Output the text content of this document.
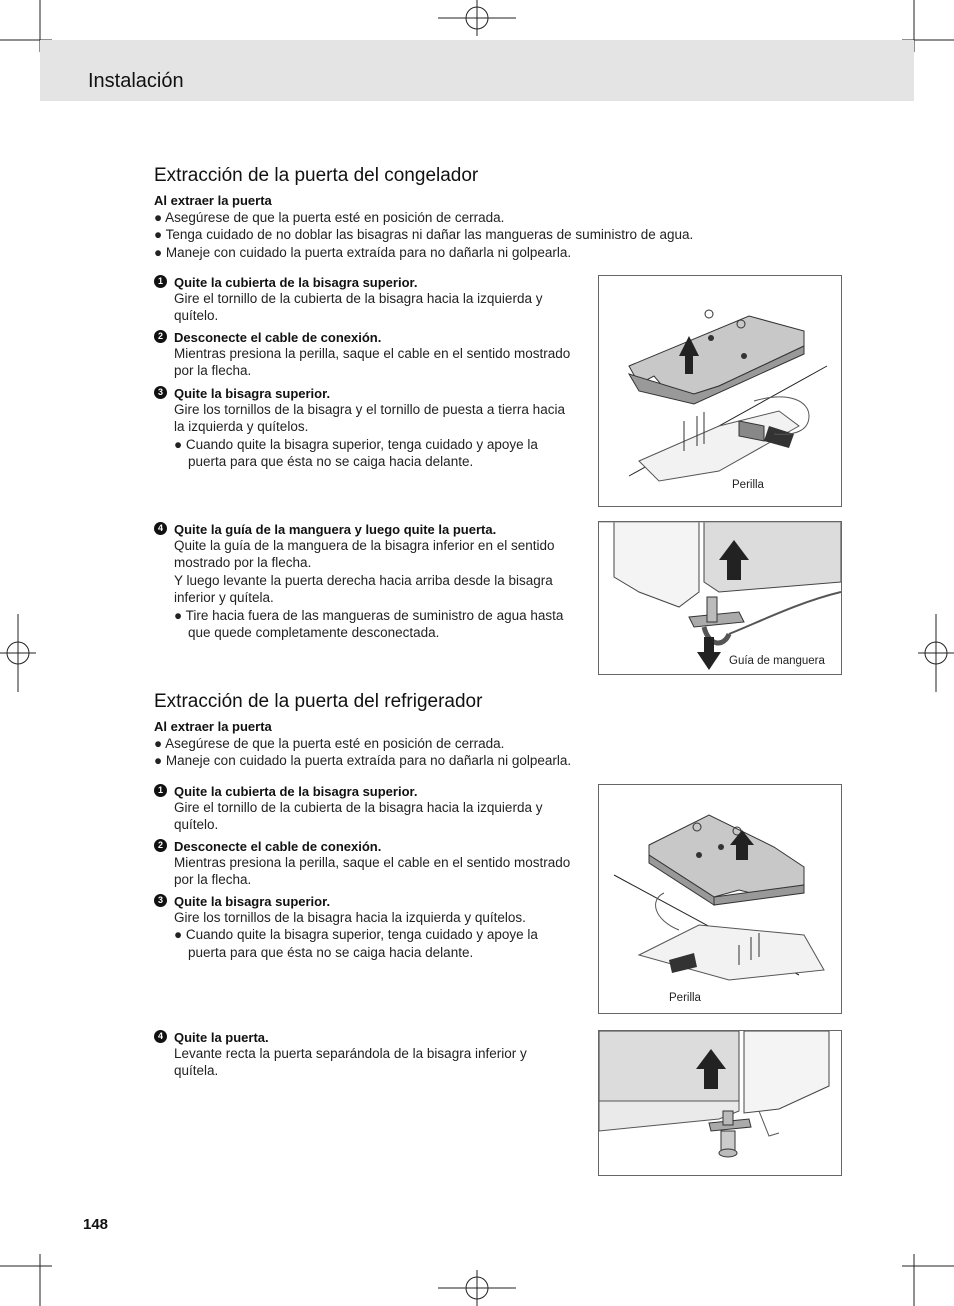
Instalación
Extracción de la puerta del congelador
Al extraer la puerta
● Asegúrese de que la puerta esté en posición de cerrada.
● Tenga cuidado de no doblar las bisagras ni dañar las mangueras de suministro de agua.
● Maneje con cuidado la puerta extraída para no dañarla ni golpearla.
1 Quite la cubierta de la bisagra superior.
Gire el tornillo de la cubierta de la bisagra hacia la izquierda y quítelo.
2 Desconecte el cable de conexión.
Mientras presiona la perilla, saque el cable en el sentido mostrado por la flecha.
3 Quite la bisagra superior.
Gire los tornillos de la bisagra y el tornillo de puesta a tierra hacia la izquierda y quítelos.
● Cuando quite la bisagra superior, tenga cuidado y apoye la puerta para que ésta no se caiga hacia delante.
4 Quite la guía de la manguera y luego quite la puerta.
Quite la guía de la manguera de la bisagra inferior en el sentido mostrado por la flecha.
Y luego levante la puerta derecha hacia arriba desde la bisagra inferior y quítela.
● Tire hacia fuera de las mangueras de suministro de agua hasta que quede completamente desconectada.
Perilla
Guía de manguera
Extracción de la puerta del refrigerador
Al extraer la puerta
● Asegúrese de que la puerta esté en posición de cerrada.
● Maneje con cuidado la puerta extraída para no dañarla ni golpearla.
1 Quite la cubierta de la bisagra superior.
Gire el tornillo de la cubierta de la bisagra hacia la izquierda y quítelo.
2 Desconecte el cable de conexión.
Mientras presiona la perilla, saque el cable en el sentido mostrado por la flecha.
3 Quite la bisagra superior.
Gire los tornillos de la bisagra hacia la izquierda y quítelos.
● Cuando quite la bisagra superior, tenga cuidado y apoye la puerta para que ésta no se caiga hacia delante.
4 Quite la puerta.
Levante recta la puerta separándola de la bisagra inferior y quítela.
Perilla
148
